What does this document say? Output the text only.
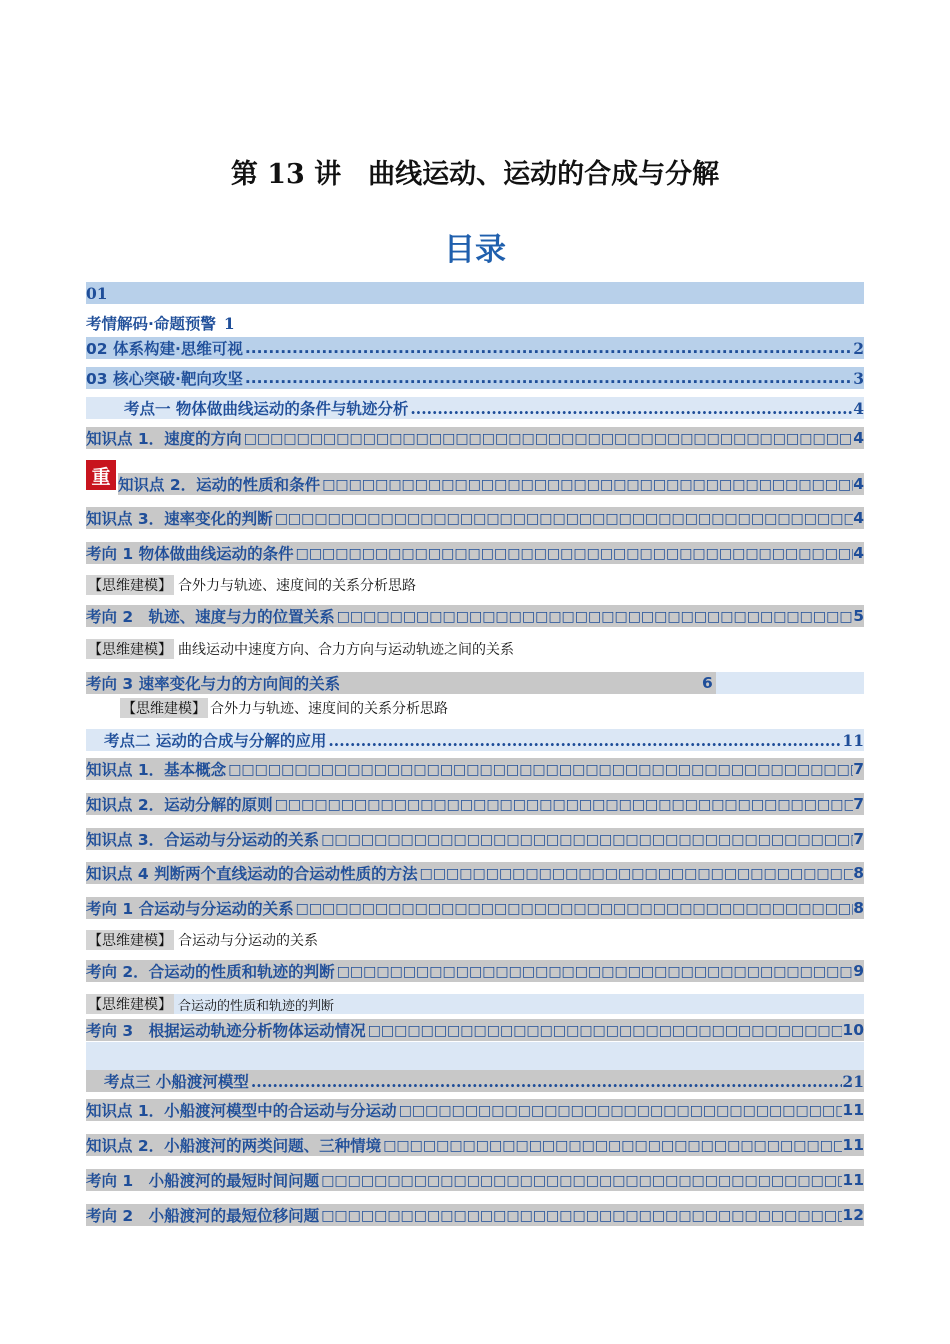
第 13 讲　曲线运动、运动的合成与分解
目录
01
考情解码·命题预警 1
02 体系构建·思维可视 .....	2
03 核心突破·靶向攻坚 .....	3
考点一 物体做曲线运动的条件与轨迹分析 .....	4
知识点 1．速度的方向 □□□□□□□□□□□□□□□□□□□□□□□□□□□□□□□□□□□□□□□□□□□□□□□□□□□□□□□□□□□□□□□□□□□□□□□□□□□□	4
重 知识点 2．运动的性质和条件 □□□□□□□□□□□□□□□□□□□□□□□□□□□□□□□□□□□□□□□□□□□□□□□□□□□□□□□□□□□□□□□□□□□□□□□□□□□□	4
知识点 3．速率变化的判断 □□□□□□□□□□□□□□□□□□□□□□□□□□□□□□□□□□□□□□□□□□□□□□□□□□□□□□□□□□□□□□□□□□□□□□□□□□□□	4
考向 1 物体做曲线运动的条件 □□□□□□□□□□□□□□□□□□□□□□□□□□□□□□□□□□□□□□□□□□□□□□□□□□□□□□□□□□□□□□□□□□□□□□□□□□□□	4
【思维建模】 合外力与轨迹、速度间的关系分析思路
考向 2　轨迹、速度与力的位置关系 □□□□□□□□□□□□□□□□□□□□□□□□□□□□□□□□□□□□□□□□□□□□□□□□□□□□□□□□□□□□□□□□□□□□□□□□□□□□	5
【思维建模】 曲线运动中速度方向、合力方向与运动轨迹之间的关系
考向 3 速率变化与力的方向间的关系	6
【思维建模】 合外力与轨迹、速度间的关系分析思路
考点二 运动的合成与分解的应用 .....	11
知识点 1．基本概念 □□□□□□□□□□□□□□□□□□□□□□□□□□□□□□□□□□□□□□□□□□□□□□□□□□□□□□□□□□□□□□□□□□□□□□□□□□□□	7
知识点 2．运动分解的原则 □□□□□□□□□□□□□□□□□□□□□□□□□□□□□□□□□□□□□□□□□□□□□□□□□□□□□□□□□□□□□□□□□□□□□□□□□□□□	7
知识点 3．合运动与分运动的关系 □□□□□□□□□□□□□□□□□□□□□□□□□□□□□□□□□□□□□□□□□□□□□□□□□□□□□□□□□□□□□□□□□□□□□□□□□□□□	7
知识点 4 判断两个直线运动的合运动性质的方法 □□□□□□□□□□□□□□□□□□□□□□□□□□□□□□□□□□□□□□□□□□□□□□□□□□□□□□□□□□□□□□□□□□□□□□□□□□□□	8
考向 1 合运动与分运动的关系 □□□□□□□□□□□□□□□□□□□□□□□□□□□□□□□□□□□□□□□□□□□□□□□□□□□□□□□□□□□□□□□□□□□□□□□□□□□□	8
【思维建模】 合运动与分运动的关系
考向 2．合运动的性质和轨迹的判断 □□□□□□□□□□□□□□□□□□□□□□□□□□□□□□□□□□□□□□□□□□□□□□□□□□□□□□□□□□□□□□□□□□□□□□□□□□□□	9
【思维建模】 合运动的性质和轨迹的判断
考向 3　根据运动轨迹分析物体运动情况 □□□□□□□□□□□□□□□□□□□□□□□□□□□□□□□□□□□□□□□□□□□□□□□□□□□□□□□□□□□□□□□□□□□□□□□□□□□□	10
考点三 小船渡河模型 .....	21
知识点 1．小船渡河模型中的合运动与分运动 □□□□□□□□□□□□□□□□□□□□□□□□□□□□□□□□□□□□□□□□□□□□□□□□□□□□□□□□□□□□□□□□□□□□□□□□□□□□	11
知识点 2．小船渡河的两类问题、三种情境 □□□□□□□□□□□□□□□□□□□□□□□□□□□□□□□□□□□□□□□□□□□□□□□□□□□□□□□□□□□□□□□□□□□□□□□□□□□□	11
考向 1　小船渡河的最短时间问题 □□□□□□□□□□□□□□□□□□□□□□□□□□□□□□□□□□□□□□□□□□□□□□□□□□□□□□□□□□□□□□□□□□□□□□□□□□□□	11
考向 2　小船渡河的最短位移问题 □□□□□□□□□□□□□□□□□□□□□□□□□□□□□□□□□□□□□□□□□□□□□□□□□□□□□□□□□□□□□□□□□□□□□□□□□□□□	12
